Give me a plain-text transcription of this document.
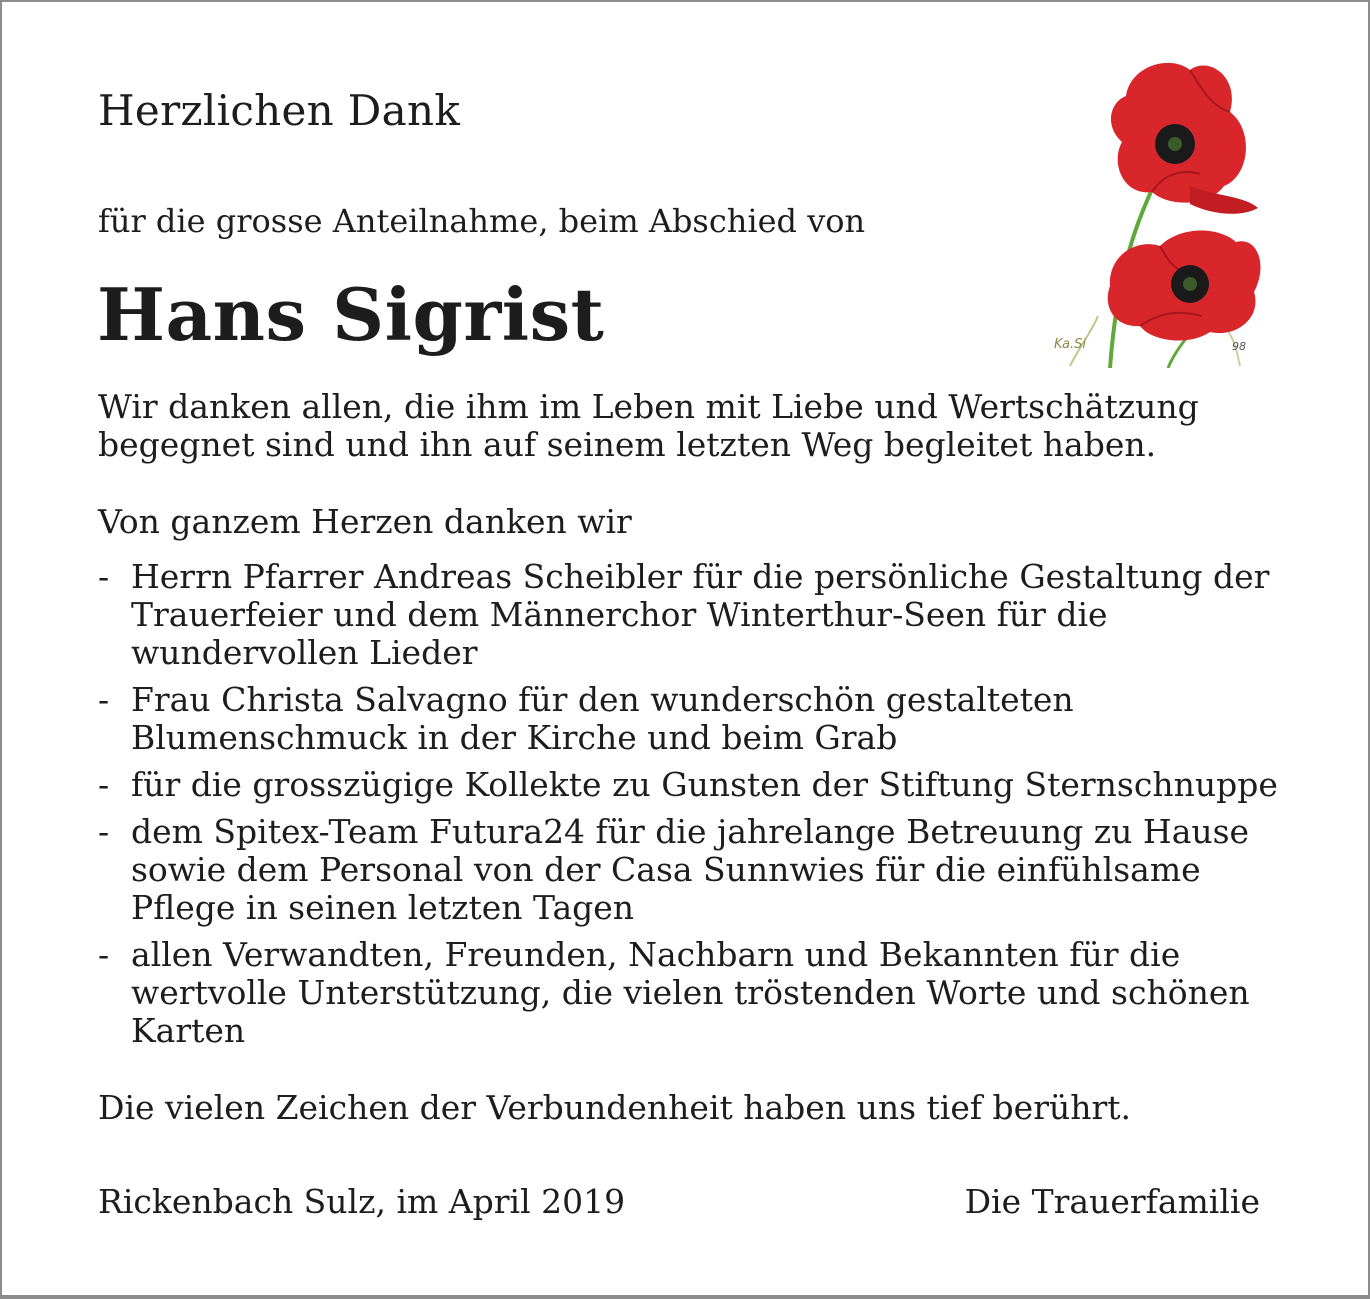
Herzlichen Dank
für die grosse Anteilnahme, beim Abschied von
Hans Sigrist	Ka.Si	98
Wir danken allen, die ihm im Leben mit Liebe und Wertschätzung begegnet sind und ihn auf seinem letzten Weg begleitet haben.
Von ganzem Herzen danken wir
- Herrn Pfarrer Andreas Scheibler für die persönliche Gestaltung der Trauerfeier und dem Männerchor Winterthur-Seen für die wundervollen Lieder
- Frau Christa Salvagno für den wunderschön gestalteten Blumenschmuck in der Kirche und beim Grab
- für die grosszügige Kollekte zu Gunsten der Stiftung Sternschnuppe
- dem Spitex-Team Futura24 für die jahrelange Betreuung zu Hause sowie dem Personal von der Casa Sunnwies für die einfühlsame Pflege in seinen letzten Tagen
- allen Verwandten, Freunden, Nachbarn und Bekannten für die wertvolle Unterstützung, die vielen tröstenden Worte und schönen Karten
Die vielen Zeichen der Verbundenheit haben uns tief berührt.
Rickenbach Sulz, im April 2019	Die Trauerfamilie
